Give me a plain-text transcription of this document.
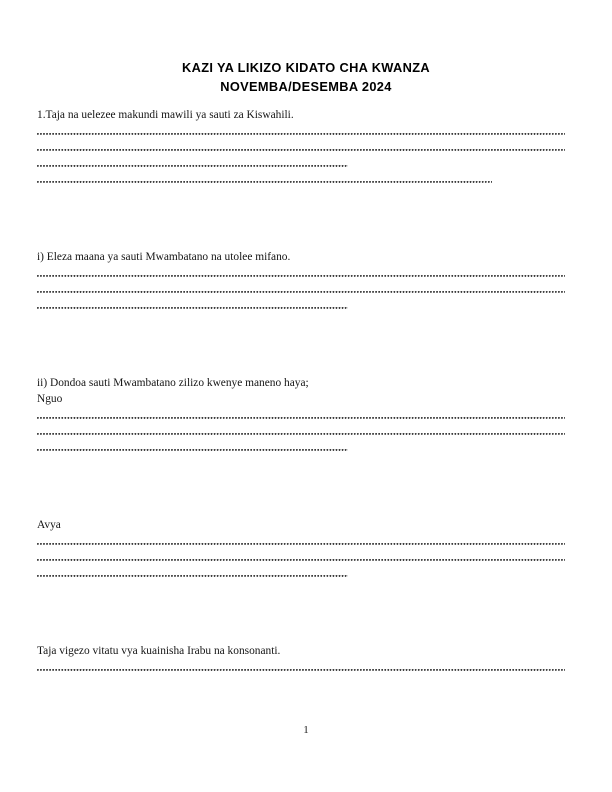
KAZI YA LIKIZO KIDATO CHA KWANZA
NOVEMBA/DESEMBA 2024
1.Taja na uelezee makundi mawili ya sauti za Kiswahili.
i) Eleza maana ya sauti Mwambatano na utolee mifano.
ii) Dondoa sauti Mwambatano zilizo kwenye maneno haya;
Nguo
Avya
Taja vigezo vitatu vya kuainisha Irabu na konsonanti.
1
